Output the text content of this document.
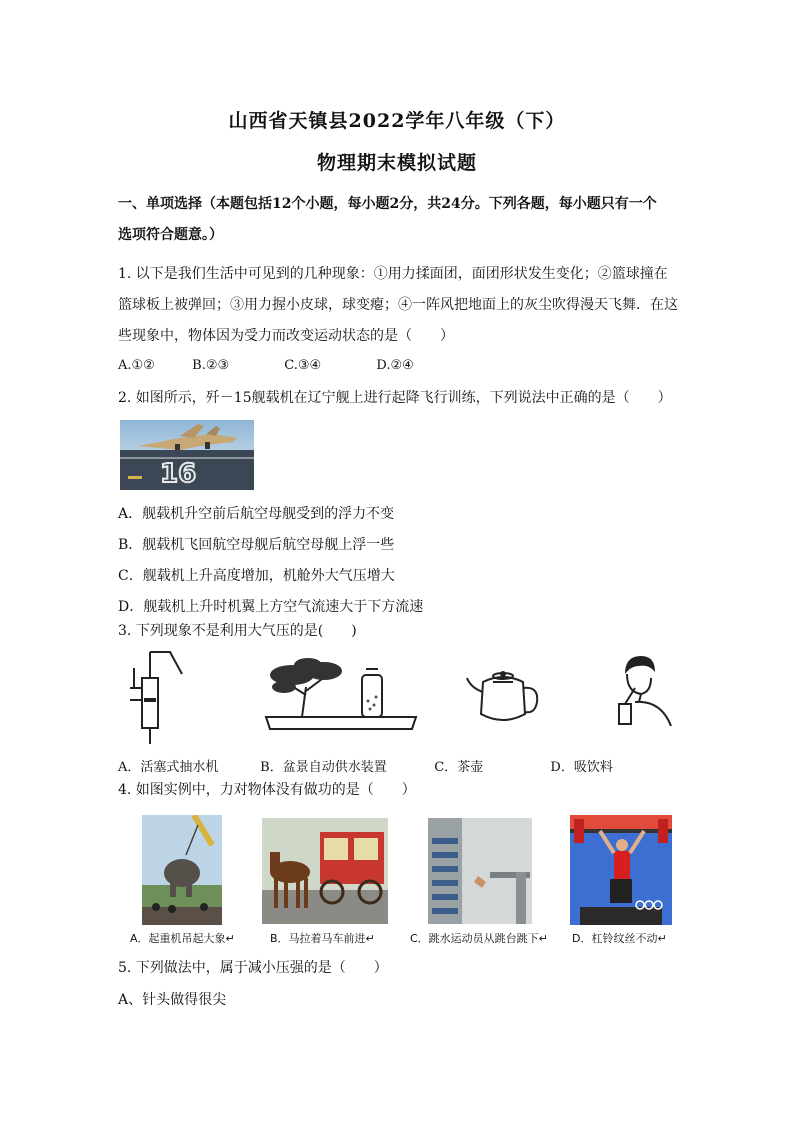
山西省天镇县2022学年八年级（下）
物理期末模拟试题
一、单项选择（本题包括12个小题，每小题2分，共24分。下列各题，每小题只有一个
选项符合题意。）
1. 以下是我们生活中可见到的几种现象：①用力揉面团，面团形状发生变化；②篮球撞在
篮球板上被弹回；③用力握小皮球，球变瘪；④一阵风把地面上的灰尘吹得漫天飞舞．在这
些现象中，物体因为受力而改变运动状态的是（　　）
A.①②	B.②③	C.③④	D.②④
2. 如图所示，歼－15舰载机在辽宁舰上进行起降飞行训练，下列说法中正确的是（　　）
16
A．舰载机升空前后航空母舰受到的浮力不变
B．舰载机飞回航空母舰后航空母舰上浮一些
C．舰载机上升高度增加，机舱外大气压增大
D．舰载机上升时机翼上方空气流速大于下方流速
3. 下列现象不是利用大气压的是(　　)
A．活塞式抽水机	B．盆景自动供水装置	C．茶壶	D．吸饮料
4. 如图实例中，力对物体没有做功的是（　　）
A．起重机吊起大象↵	B．马拉着马车前进↵	C．跳水运动员从跳台跳下↵ D．杠铃纹丝不动↵
5. 下列做法中，属于减小压强的是（　　）
A、针头做得很尖
